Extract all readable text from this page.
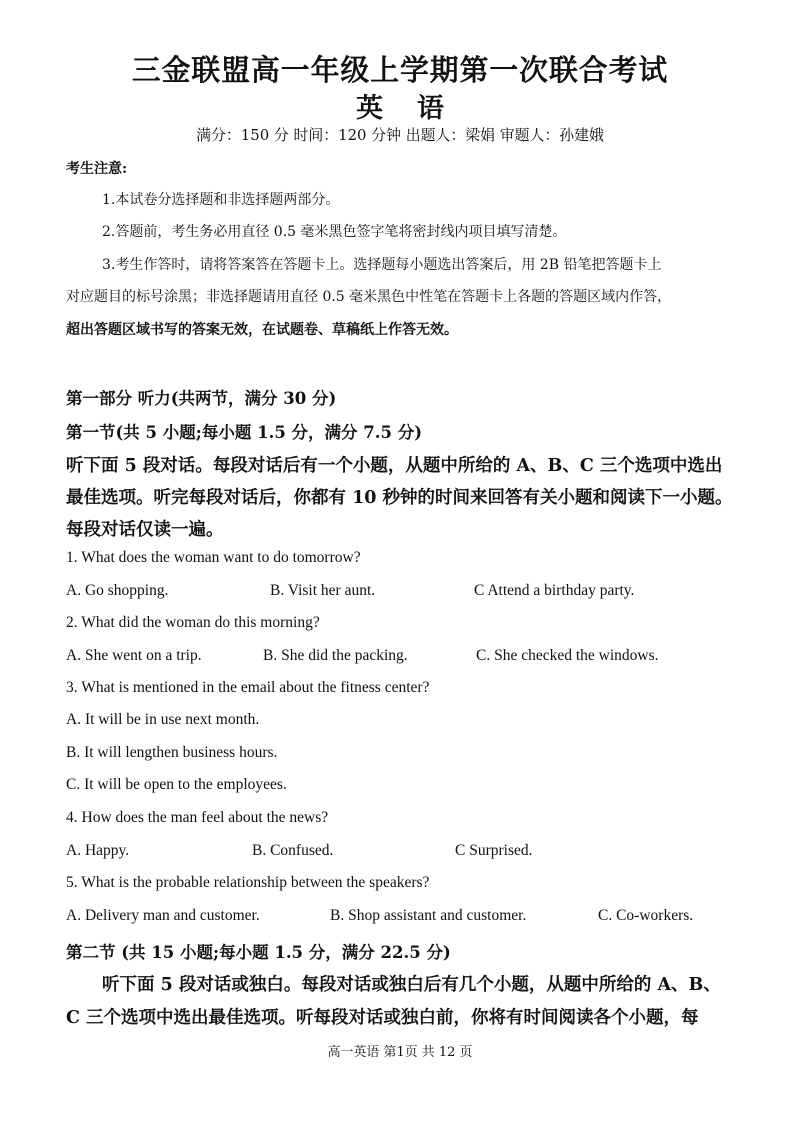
三金联盟高一年级上学期第一次联合考试
英语
满分：150 分 时间：120 分钟 出题人：梁娟 审题人：孙建娥
考生注意:
1.本试卷分选择题和非选择题两部分。
2.答题前，考生务必用直径 0.5 毫米黑色签字笔将密封线内项目填写清楚。
3.考生作答时，请将答案答在答题卡上。选择题每小题选出答案后，用 2B 铅笔把答题卡上
对应题目的标号涂黑；非选择题请用直径 0.5 毫米黑色中性笔在答题卡上各题的答题区域内作答，
超出答题区域书写的答案无效，在试题卷、草稿纸上作答无效。
第一部分 听力(共两节，满分 30 分)
第一节(共 5 小题;每小题 1.5 分，满分 7.5 分)
听下面 5 段对话。每段对话后有一个小题，从题中所给的 A、B、C 三个选项中选出
最佳选项。听完每段对话后，你都有 10 秒钟的时间来回答有关小题和阅读下一小题。
每段对话仅读一遍。
1. What does the woman want to do tomorrow?
A. Go shopping.	B. Visit her aunt.	C Attend a birthday party.
2. What did the woman do this morning?
A. She went on a trip.	B. She did the packing.	C. She checked the windows.
3. What is mentioned in the email about the fitness center?
A. It will be in use next month.
B. It will lengthen business hours.
C. It will be open to the employees.
4. How does the man feel about the news?
A. Happy.	B. Confused.	C Surprised.
5. What is the probable relationship between the speakers?
A. Delivery man and customer.	B. Shop assistant and customer.	C. Co-workers.
第二节 (共 15 小题;每小题 1.5 分，满分 22.5 分)
听下面 5 段对话或独白。每段对话或独白后有几个小题，从题中所给的 A、B、
C 三个选项中选出最佳选项。听每段对话或独白前，你将有时间阅读各个小题，每
高一英语 第1页 共 12 页
